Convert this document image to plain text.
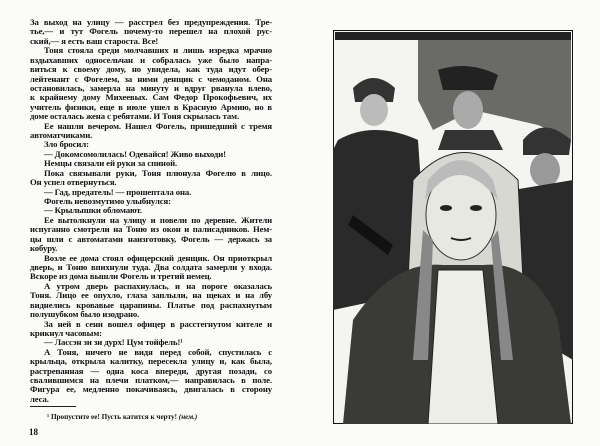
За выход на улицу — расстрел без предупреждения. Тре-
тье,— и тут Фогель почему-то перешел на плохой рус-
ский,— я есть ваш староста. Все!
Тоня стояла среди молчавших и лишь изредка мрачно
вздыхавших односельчан и собралась уже было напра-
виться к своему дому, но увидела, как туда идут обер-
лейтенант с Фогелем, за ними денщик с чемоданом. Она
остановилась, замерла на минуту и вдруг рванула влево,
к крайнему дому Михеевых. Сам Федор Прокофьевич, их
учитель физики, еще в июле ушел в Красную Армию, но в
доме осталась жена с ребятами. И Тоня скрылась там.
Ее нашли вечером. Нашел Фогель, пришедший с тремя
автоматчиками.
Зло бросил:
— Докомсомолилась! Одевайся! Живо выходи!
Немцы связали ей руки за спиной.
Пока связывали руки, Тоня плюнула Фогелю в лицо.
Он успел отвернуться.
— Гад, предатель! — прошептала она.
Фогель невозмутимо улыбнулся:
— Крылышки обломают.
Ее вытолкнули на улицу и повели по деревне. Жители
испуганно смотрели на Тоню из окон и палисадников. Нем-
цы шли с автоматами наизготовку, Фогель — держась за
кобуру.
Возле ее дома стоял офицерский денщик. Он приоткрыл
дверь, и Тоню впихнули туда. Два солдата замерли у входа.
Вскоре из дома вышли Фогель и третий немец.
А утром дверь распахнулась, и на пороге оказалась
Тоня. Лицо ее опухло, глаза заплыли, на щеках и на лбу
виднелись кровавые царапины. Платье под распахнутым
полушубком было изодрано.
За ней в сени вошел офицер в расстегнутом кителе и
крикнул часовым:
— Лассэн зи зи дурх! Цум тойфель!¹
А Тоня, ничего не видя перед собой, спустилась с
крыльца, открыла калитку, пересекла улицу и, как была,
растрепанная — одна коса впереди, другая позади, со
свалившимся на плечи платком,— направилась в поле.
Фигура ее, медленно покачиваясь, двигалась в сторону
леса.
¹ Пропустите ее! Пусть катится к черту! (нем.)
18
